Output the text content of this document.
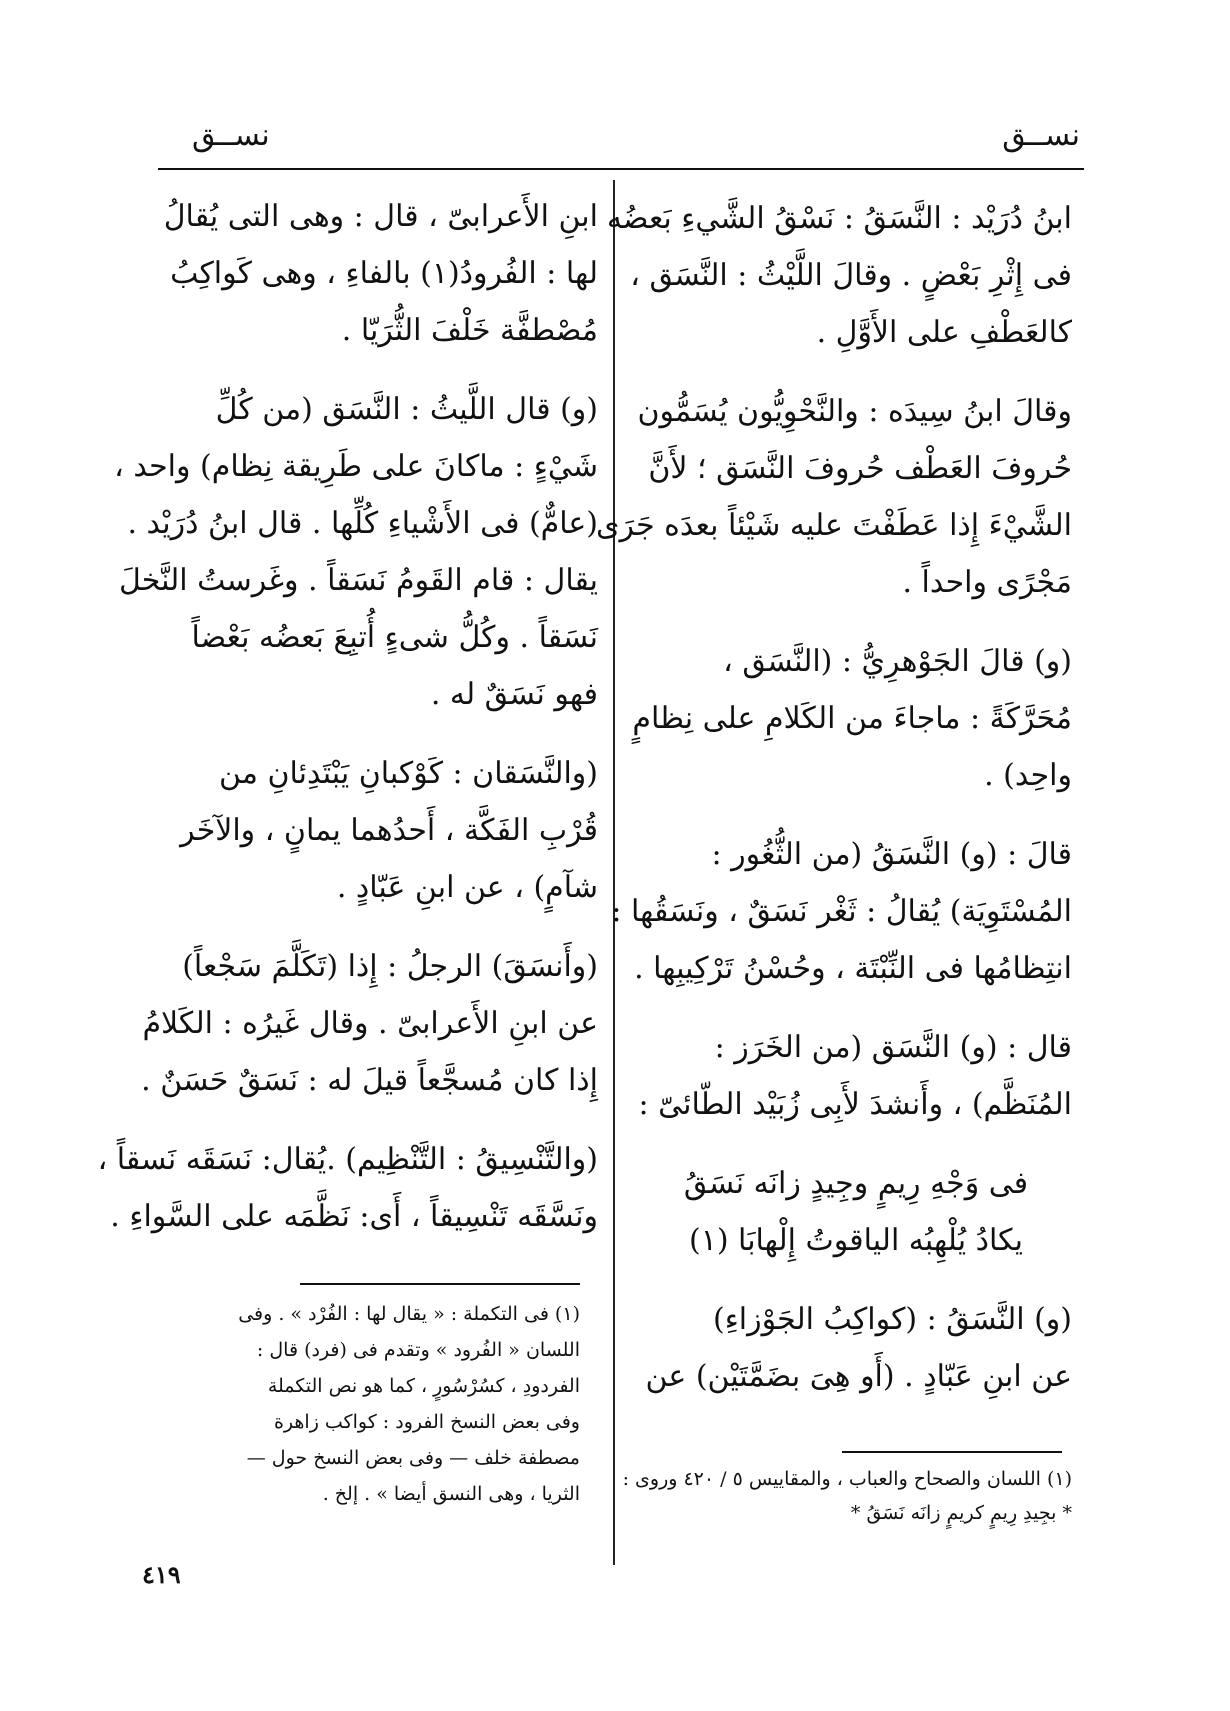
نســق
نســق
ابنُ دُرَيْد : النَّسَقُ : نَسْقُ الشَّيءِ بَعضُه
فى إِثْرِ بَعْضٍ . وقالَ اللَّيْثُ : النَّسَق ،
كالعَطْفِ على الأَوَّلِ .
وقالَ ابنُ سِيدَه : والنَّحْوِيُّون يُسَمُّون
حُروفَ العَطْف حُروفَ النَّسَق ؛ لأَنَّ
الشَّيْءَ إِذا عَطَفْتَ عليه شَيْئاً بعدَه جَرَى
مَجْرًى واحداً .
(و) قالَ الجَوْهرِيُّ : (النَّسَق ،
مُحَرَّكَةً : ماجاءَ من الكَلامِ على نِظامٍ
واحِد) .
قالَ : (و) النَّسَقُ (من الثُّغُور :
المُسْتَوِيَة) يُقالُ : ثَغْر نَسَقٌ ، ونَسَقُها :
انتِظامُها فى النِّبْتَة ، وحُسْنُ تَرْكِيبِها .
قال : (و) النَّسَق (من الخَرَز :
المُنَظَّم) ، وأَنشدَ لأَبِى زُبَيْد الطّائىّ :
فى وَجْهِ رِيمٍ وجِيدٍ زانَه نَسَقُ
يكادُ يُلْهِبُه الياقوتُ إِلْهابَا (١)
(و) النَّسَقُ : (كواكِبُ الجَوْزاءِ)
عن ابنِ عَبّادٍ . (أَو هِىَ بضَمَّتَيْن) عن
ابنِ الأَعرابىّ ، قال : وهى التى يُقالُ
لها : الفُرودُ(١) بالفاءِ ، وهى كَواكِبُ
مُصْطفَّة خَلْفَ الثُّرَيّا .
(و) قال اللَّيثُ : النَّسَق (من كُلِّ
شَيْءٍ : ماكانَ على طَرِيقة نِظام) واحد ،
(عامٌّ) فى الأَشْياءِ كُلِّها . قال ابنُ دُرَيْد .
يقال : قام القَومُ نَسَقاً . وغَرستُ النَّخلَ
نَسَقاً . وكُلُّ شىءٍ أُتبِعَ بَعضُه بَعْضاً
فهو نَسَقٌ له .
(والنَّسَقان : كَوْكبانِ يَبْتَدِئانِ من
قُرْبِ الفَكَّة ، أَحدُهما يمانٍ ، والآخَر
شآمٍ) ، عن ابنِ عَبّادٍ .
(وأَنسَقَ) الرجلُ : إِذا (تَكَلَّمَ سَجْعاً)
عن ابنِ الأَعرابىّ . وقال غَيرُه : الكَلامُ
إِذا كان مُسجَّعاً قيلَ له : نَسَقٌ حَسَنٌ .
(والتَّنْسِيقُ : التَّنْظِيم) .يُقال: نَسَقَه نَسقاً ،
ونَسَّقَه تَنْسِيقاً ، أَى: نَظَّمَه على السَّواءِ .
(١) فى التكملة : « يقال لها : الفُرْد » . وفى
اللسان « الفُرود » وتقدم فى (فرد) قال :
الفردودِ ، كسُرْسُورٍ ، كما هو نص التكملة
وفى بعض النسخ الفرود : كواكب زاهرة
مصطفة خلف — وفى بعض النسخ حول —
الثريا ، وهى النسق أيضا » . إلخ .
(١) اللسان والصحاح والعباب ، والمقاييس ٥ / ٤٢٠ وروى :
* بجِيدِ رِيمٍ كريمٍ زانَه نَسَقُ *
٤١٩
